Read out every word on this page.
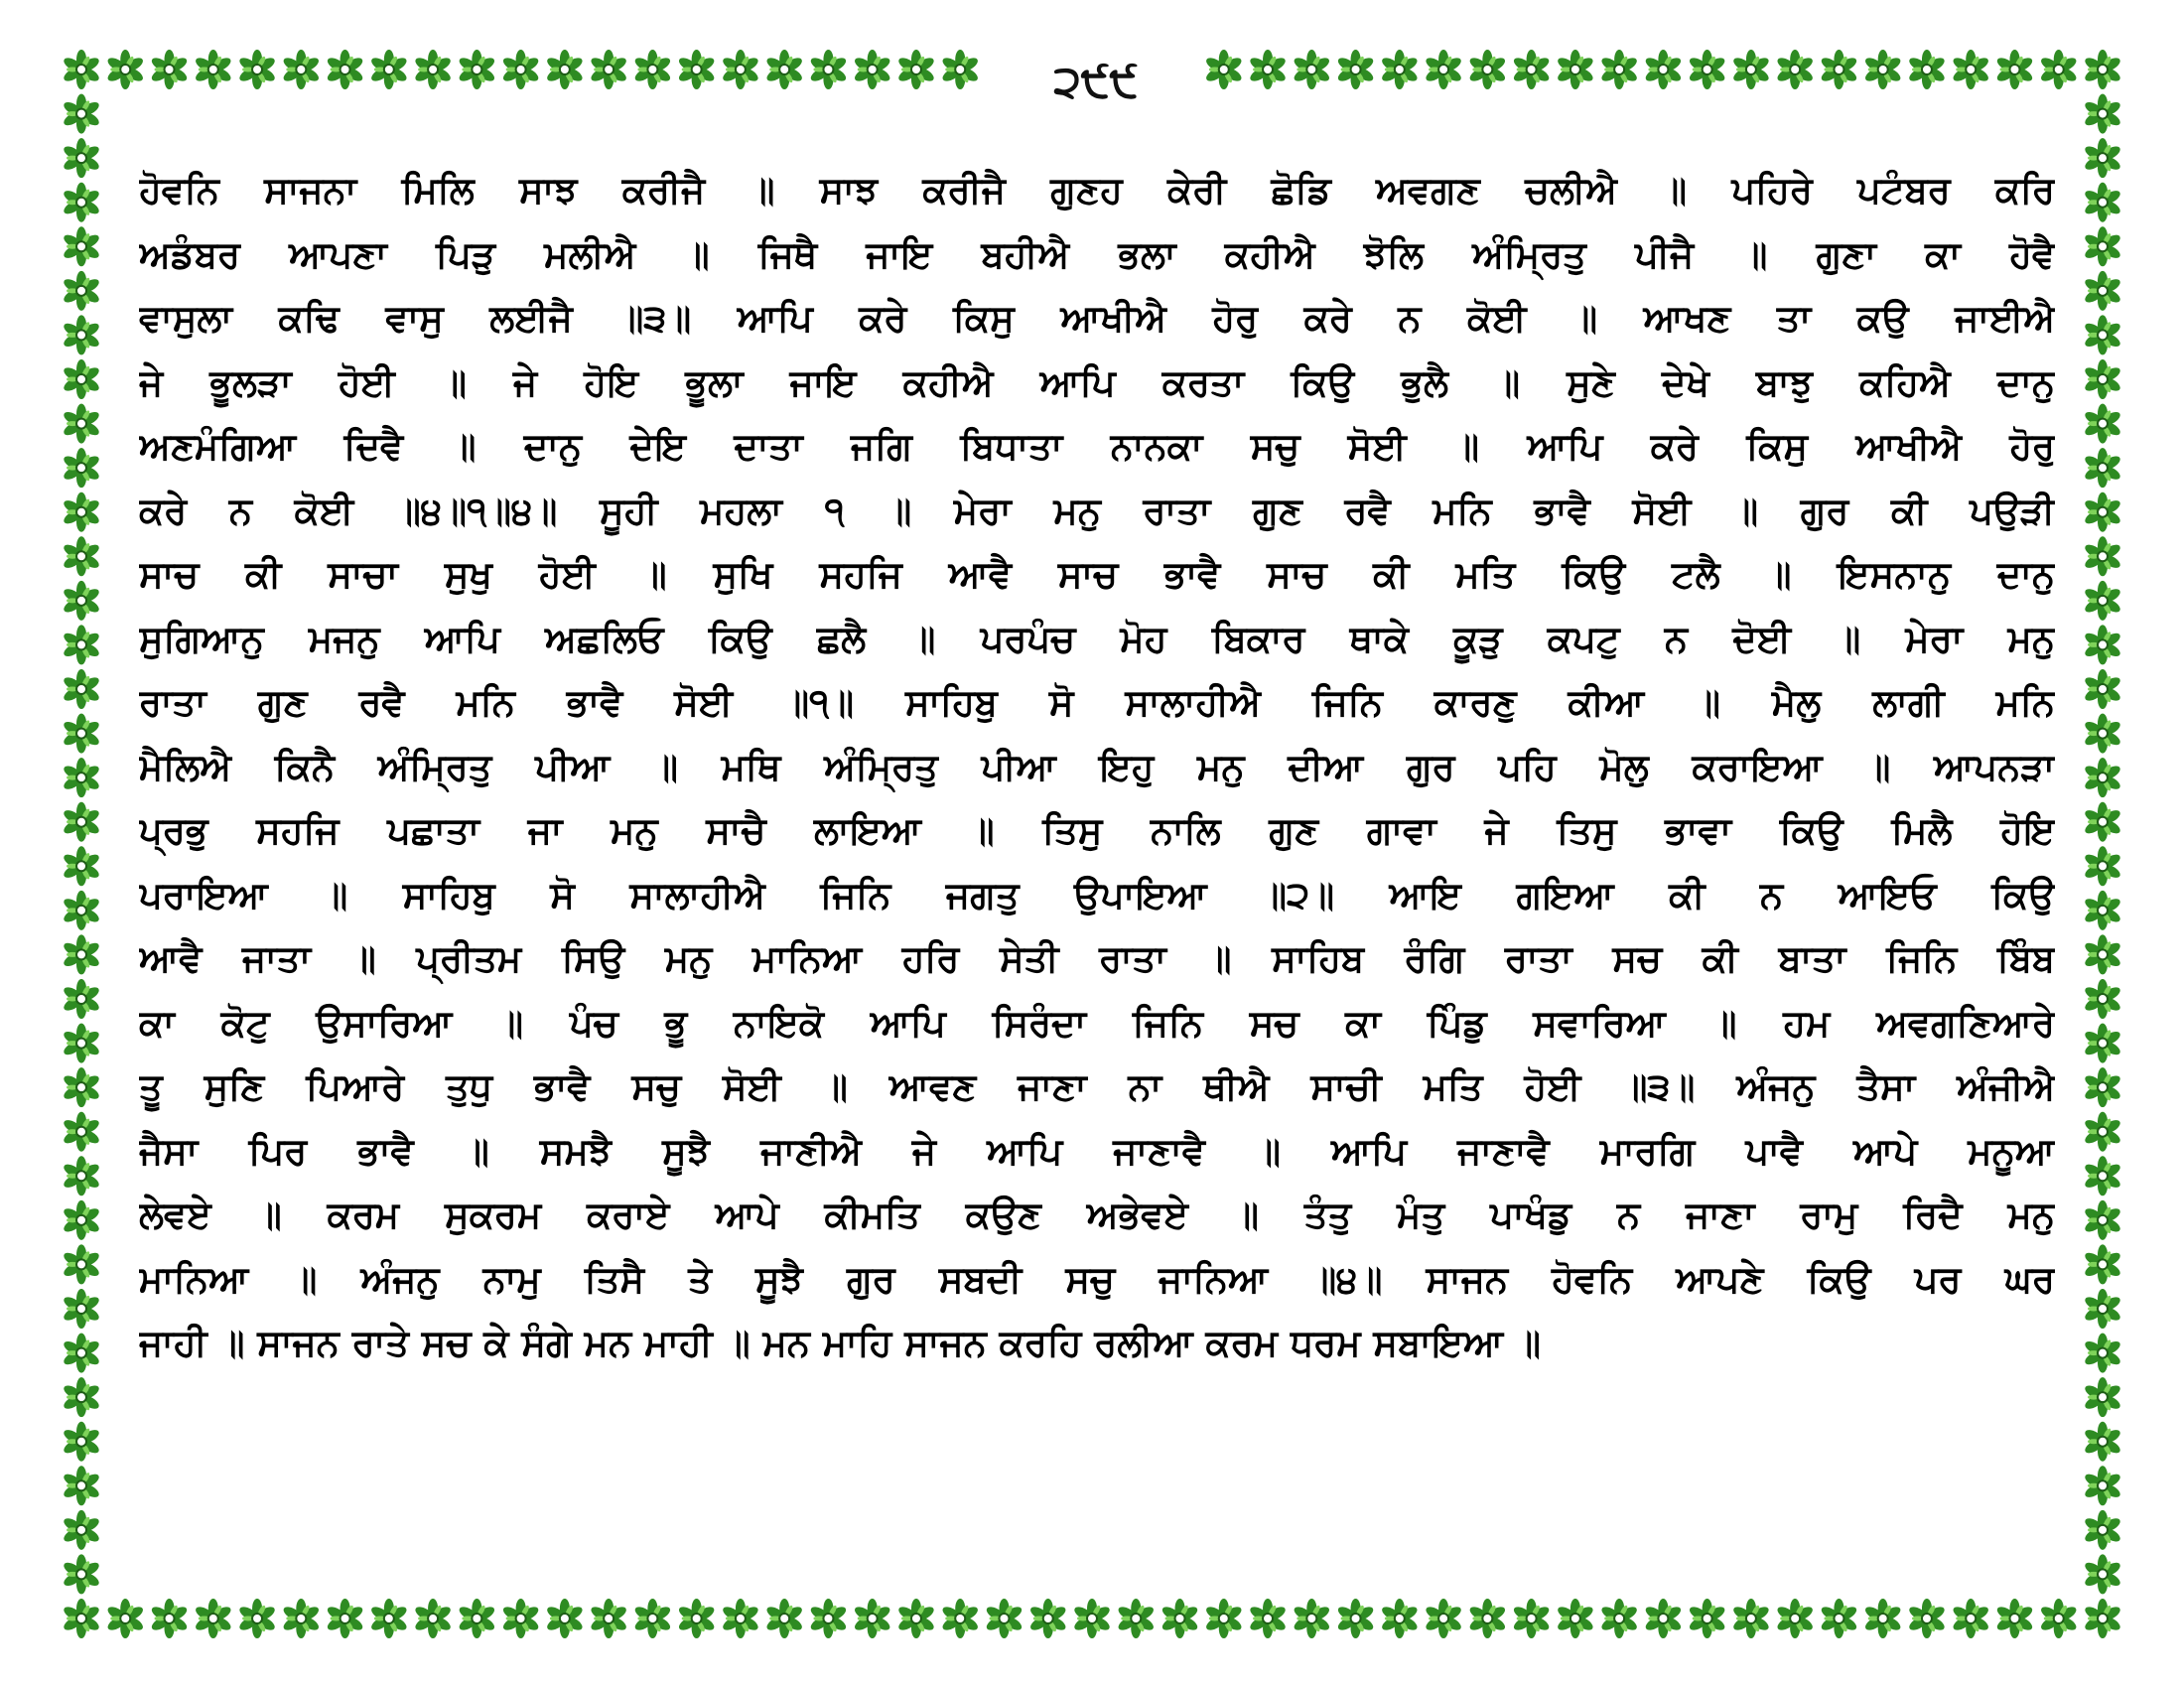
੨੯੯
ਹੋਵਨਿ ਸਾਜਨਾ ਮਿਲਿ ਸਾਝ ਕਰੀਜੈ ॥ ਸਾਝ ਕਰੀਜੈ ਗੁਣਹ ਕੇਰੀ ਛੋਡਿ ਅਵਗਣ ਚਲੀਐ ॥ ਪਹਿਰੇ ਪਟੰਬਰ ਕਰਿ
ਅਡੰਬਰ ਆਪਣਾ ਪਿੜੁ ਮਲੀਐ ॥ ਜਿਥੈ ਜਾਇ ਬਹੀਐ ਭਲਾ ਕਹੀਐ ਝੋਲਿ ਅੰਮ੍ਰਿਤੁ ਪੀਜੈ ॥ ਗੁਣਾ ਕਾ ਹੋਵੈ
ਵਾਸੁਲਾ ਕਢਿ ਵਾਸੁ ਲਈਜੈ ॥੩॥ ਆਪਿ ਕਰੇ ਕਿਸੁ ਆਖੀਐ ਹੋਰੁ ਕਰੇ ਨ ਕੋਈ ॥ ਆਖਣ ਤਾ ਕਉ ਜਾਈਐ
ਜੇ ਭੂਲੜਾ ਹੋਈ ॥ ਜੇ ਹੋਇ ਭੂਲਾ ਜਾਇ ਕਹੀਐ ਆਪਿ ਕਰਤਾ ਕਿਉ ਭੁਲੈ ॥ ਸੁਣੇ ਦੇਖੇ ਬਾਝੁ ਕਹਿਐ ਦਾਨੁ
ਅਣਮੰਗਿਆ ਦਿਵੈ ॥ ਦਾਨੁ ਦੇਇ ਦਾਤਾ ਜਗਿ ਬਿਧਾਤਾ ਨਾਨਕਾ ਸਚੁ ਸੋਈ ॥ ਆਪਿ ਕਰੇ ਕਿਸੁ ਆਖੀਐ ਹੋਰੁ
ਕਰੇ ਨ ਕੋਈ ॥੪॥੧॥੪॥ ਸੂਹੀ ਮਹਲਾ ੧ ॥ ਮੇਰਾ ਮਨੁ ਰਾਤਾ ਗੁਣ ਰਵੈ ਮਨਿ ਭਾਵੈ ਸੋਈ ॥ ਗੁਰ ਕੀ ਪਉੜੀ
ਸਾਚ ਕੀ ਸਾਚਾ ਸੁਖੁ ਹੋਈ ॥ ਸੁਖਿ ਸਹਜਿ ਆਵੈ ਸਾਚ ਭਾਵੈ ਸਾਚ ਕੀ ਮਤਿ ਕਿਉ ਟਲੈ ॥ ਇਸਨਾਨੁ ਦਾਨੁ
ਸੁਗਿਆਨੁ ਮਜਨੁ ਆਪਿ ਅਛਲਿਓ ਕਿਉ ਛਲੈ ॥ ਪਰਪੰਚ ਮੋਹ ਬਿਕਾਰ ਥਾਕੇ ਕੂੜੁ ਕਪਟੁ ਨ ਦੋਈ ॥ ਮੇਰਾ ਮਨੁ
ਰਾਤਾ ਗੁਣ ਰਵੈ ਮਨਿ ਭਾਵੈ ਸੋਈ ॥੧॥ ਸਾਹਿਬੁ ਸੋ ਸਾਲਾਹੀਐ ਜਿਨਿ ਕਾਰਣੁ ਕੀਆ ॥ ਮੈਲੁ ਲਾਗੀ ਮਨਿ
ਮੈਲਿਐ ਕਿਨੈ ਅੰਮ੍ਰਿਤੁ ਪੀਆ ॥ ਮਥਿ ਅੰਮ੍ਰਿਤੁ ਪੀਆ ਇਹੁ ਮਨੁ ਦੀਆ ਗੁਰ ਪਹਿ ਮੋਲੁ ਕਰਾਇਆ ॥ ਆਪਨੜਾ
ਪ੍ਰਭੁ ਸਹਜਿ ਪਛਾਤਾ ਜਾ ਮਨੁ ਸਾਚੈ ਲਾਇਆ ॥ ਤਿਸੁ ਨਾਲਿ ਗੁਣ ਗਾਵਾ ਜੇ ਤਿਸੁ ਭਾਵਾ ਕਿਉ ਮਿਲੈ ਹੋਇ
ਪਰਾਇਆ ॥ ਸਾਹਿਬੁ ਸੋ ਸਾਲਾਹੀਐ ਜਿਨਿ ਜਗਤੁ ਉਪਾਇਆ ॥੨॥ ਆਇ ਗਇਆ ਕੀ ਨ ਆਇਓ ਕਿਉ
ਆਵੈ ਜਾਤਾ ॥ ਪ੍ਰੀਤਮ ਸਿਉ ਮਨੁ ਮਾਨਿਆ ਹਰਿ ਸੇਤੀ ਰਾਤਾ ॥ ਸਾਹਿਬ ਰੰਗਿ ਰਾਤਾ ਸਚ ਕੀ ਬਾਤਾ ਜਿਨਿ ਬਿੰਬ
ਕਾ ਕੋਟੁ ਉਸਾਰਿਆ ॥ ਪੰਚ ਭੂ ਨਾਇਕੋ ਆਪਿ ਸਿਰੰਦਾ ਜਿਨਿ ਸਚ ਕਾ ਪਿੰਡੁ ਸਵਾਰਿਆ ॥ ਹਮ ਅਵਗਣਿਆਰੇ
ਤੂ ਸੁਣਿ ਪਿਆਰੇ ਤੁਧੁ ਭਾਵੈ ਸਚੁ ਸੋਈ ॥ ਆਵਣ ਜਾਣਾ ਨਾ ਥੀਐ ਸਾਚੀ ਮਤਿ ਹੋਈ ॥੩॥ ਅੰਜਨੁ ਤੈਸਾ ਅੰਜੀਐ
ਜੈਸਾ ਪਿਰ ਭਾਵੈ ॥ ਸਮਝੈ ਸੂਝੈ ਜਾਣੀਐ ਜੇ ਆਪਿ ਜਾਣਾਵੈ ॥ ਆਪਿ ਜਾਣਾਵੈ ਮਾਰਗਿ ਪਾਵੈ ਆਪੇ ਮਨੂਆ
ਲੇਵਏ ॥ ਕਰਮ ਸੁਕਰਮ ਕਰਾਏ ਆਪੇ ਕੀਮਤਿ ਕਉਣ ਅਭੇਵਏ ॥ ਤੰਤੁ ਮੰਤੁ ਪਾਖੰਡੁ ਨ ਜਾਣਾ ਰਾਮੁ ਰਿਦੈ ਮਨੁ
ਮਾਨਿਆ ॥ ਅੰਜਨੁ ਨਾਮੁ ਤਿਸੈ ਤੇ ਸੂਝੈ ਗੁਰ ਸਬਦੀ ਸਚੁ ਜਾਨਿਆ ॥੪॥ ਸਾਜਨ ਹੋਵਨਿ ਆਪਣੇ ਕਿਉ ਪਰ ਘਰ
ਜਾਹੀ ॥ ਸਾਜਨ ਰਾਤੇ ਸਚ ਕੇ ਸੰਗੇ ਮਨ ਮਾਹੀ ॥ ਮਨ ਮਾਹਿ ਸਾਜਨ ਕਰਹਿ ਰਲੀਆ ਕਰਮ ਧਰਮ ਸਬਾਇਆ ॥
